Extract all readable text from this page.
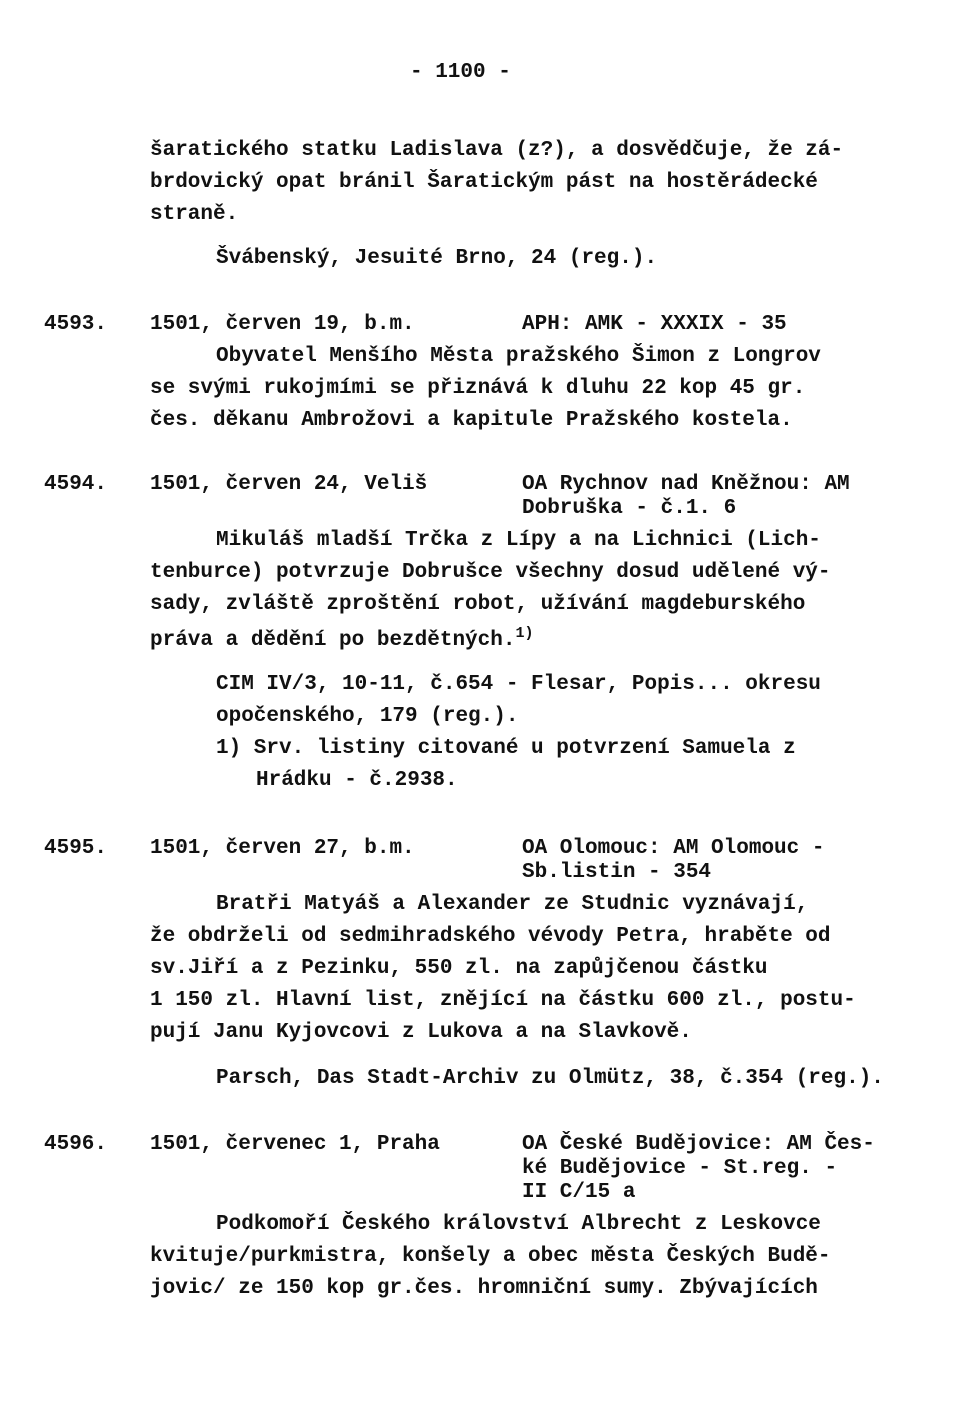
- 1100 -
šaratického statku Ladislava (z?), a dosvědčuje, že zá-
brdovický opat bránil Šaratickým pást na hostěrádecké
straně.
Švábenský, Jesuité Brno, 24 (reg.).
4593. 1501, červen 19, b.m.	APH: AMK - XXXIX - 35
Obyvatel Menšího Města pražského Šimon z Longrov
se svými rukojmími se přiznává k dluhu 22 kop 45 gr.
čes. děkanu Ambrožovi a kapitule Pražského kostela.
4594. 1501, červen 24, Veliš	OA Rychnov nad Kněžnou: AM
Dobruška - č.1. 6
Mikuláš mladší Trčka z Lípy a na Lichnici (Lich-
tenburce) potvrzuje Dobrušce všechny dosud udělené vý-
sady, zvláště zproštění robot, užívání magdeburského
práva a dědění po bezdětných.$^{1)}$
CIM IV/3, 10-11, č.654 - Flesar, Popis... okresu
opočenského, 179 (reg.).
1) Srv. listiny citované u potvrzení Samuela z
Hrádku - č.2938.
4595. 1501, červen 27, b.m.	OA Olomouc: AM Olomouc -
Sb.listin - 354
Bratři Matyáš a Alexander ze Studnic vyznávají,
že obdrželi od sedmihradského vévody Petra, hraběte od
sv.Jiří a z Pezinku, 550 zl. na zapůjčenou částku
1 150 zl. Hlavní list, znějící na částku 600 zl., postu-
pují Janu Kyjovcovi z Lukova a na Slavkově.
Parsch, Das Stadt-Archiv zu Olmütz, 38, č.354 (reg.).
4596. 1501, červenec 1, Praha	OA České Budějovice: AM Čes-
ké Budějovice - St.reg. -
II C/15 a
Podkomoří Českého království Albrecht z Leskovce
kvituje/purkmistra, konšely a obec města Českých Budě-
jovic/ ze 150 kop gr.čes. hromniční sumy. Zbývajících
